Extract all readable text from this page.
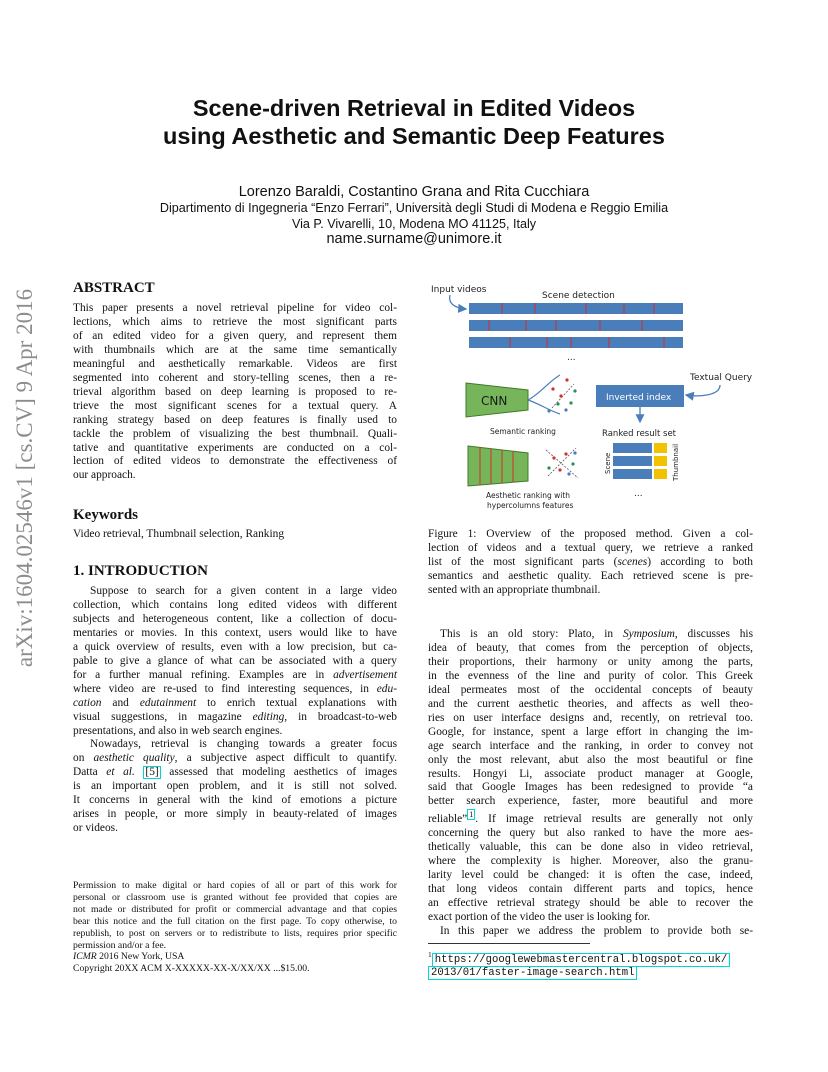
arXiv:1604.02546v1 [cs.CV] 9 Apr 2016
Scene-driven Retrieval in Edited Videos
using Aesthetic and Semantic Deep Features
Lorenzo Baraldi, Costantino Grana and Rita Cucchiara
Dipartimento di Ingegneria “Enzo Ferrari”, Università degli Studi di Modena e Reggio Emilia
Via P. Vivarelli, 10, Modena MO 41125, Italy
name.surname@unimore.it
ABSTRACT
This paper presents a novel retrieval pipeline for video col-
lections, which aims to retrieve the most significant parts
of an edited video for a given query, and represent them
with thumbnails which are at the same time semantically
meaningful and aesthetically remarkable. Videos are first
segmented into coherent and story-telling scenes, then a re-
trieval algorithm based on deep learning is proposed to re-
trieve the most significant scenes for a textual query. A
ranking strategy based on deep features is finally used to
tackle the problem of visualizing the best thumbnail. Quali-
tative and quantitative experiments are conducted on a col-
lection of edited videos to demonstrate the effectiveness of
our approach.
Keywords
Video retrieval, Thumbnail selection, Ranking
1. INTRODUCTION
Suppose to search for a given content in a large video
collection, which contains long edited videos with different
subjects and heterogeneous content, like a collection of docu-
mentaries or movies. In this context, users would like to have
a quick overview of results, even with a low precision, but ca-
pable to give a glance of what can be associated with a query
for a further manual refining. Examples are in advertisement
where video are re-used to find interesting sequences, in edu-
cation and edutainment to enrich textual explanations with
visual suggestions, in magazine editing, in broadcast-to-web
presentations, and also in web search engines.
Nowadays, retrieval is changing towards a greater focus
on aesthetic quality, a subjective aspect difficult to quantify.
Datta et al. [5] assessed that modeling aesthetics of images
is an important open problem, and it is still not solved.
It concerns in general with the kind of emotions a picture
arises in people, or more simply in beauty-related of images
or videos.
Permission to make digital or hard copies of all or part of this work for
personal or classroom use is granted without fee provided that copies are
not made or distributed for profit or commercial advantage and that copies
bear this notice and the full citation on the first page. To copy otherwise, to
republish, to post on servers or to redistribute to lists, requires prior specific
permission and/or a fee.
ICMR 2016 New York, USA
Copyright 20XX ACM X-XXXXX-XX-X/XX/XX ...$15.00.
Input videos
Scene detection
...
Textual Query
CNN
Semantic ranking
Inverted index
Ranked result set
Scene	Thumbnail
...
Aesthetic ranking with
hypercolumns features
Figure 1: Overview of the proposed method. Given a col-
lection of videos and a textual query, we retrieve a ranked
list of the most significant parts (scenes) according to both
semantics and aesthetic quality. Each retrieved scene is pre-
sented with an appropriate thumbnail.
This is an old story: Plato, in Symposium, discusses his
idea of beauty, that comes from the perception of objects,
their proportions, their harmony or unity among the parts,
in the evenness of the line and purity of color. This Greek
ideal permeates most of the occidental concepts of beauty
and the current aesthetic theories, and affects as well theo-
ries on user interface designs and, recently, on retrieval too.
Google, for instance, spent a large effort in changing the im-
age search interface and the ranking, in order to convey not
only the most relevant, abut also the most beautiful or fine
results. Hongyi Li, associate product manager at Google,
said that Google Images has been redesigned to provide “a
better search experience, faster, more beautiful and more
reliable” $^1$ . If image retrieval results are generally not only
concerning the query but also ranked to have the more aes-
thetically valuable, this can be done also in video retrieval,
where the complexity is higher. Moreover, also the granu-
larity level could be changed: it is often the case, indeed,
that long videos contain different parts and topics, hence
an effective retrieval strategy should be able to recover the
exact portion of the video the user is looking for.
In this paper we address the problem to provide both se-
$^1$ https://googlewebmastercentral.blogspot.co.uk/
2013/01/faster-image-search.html
